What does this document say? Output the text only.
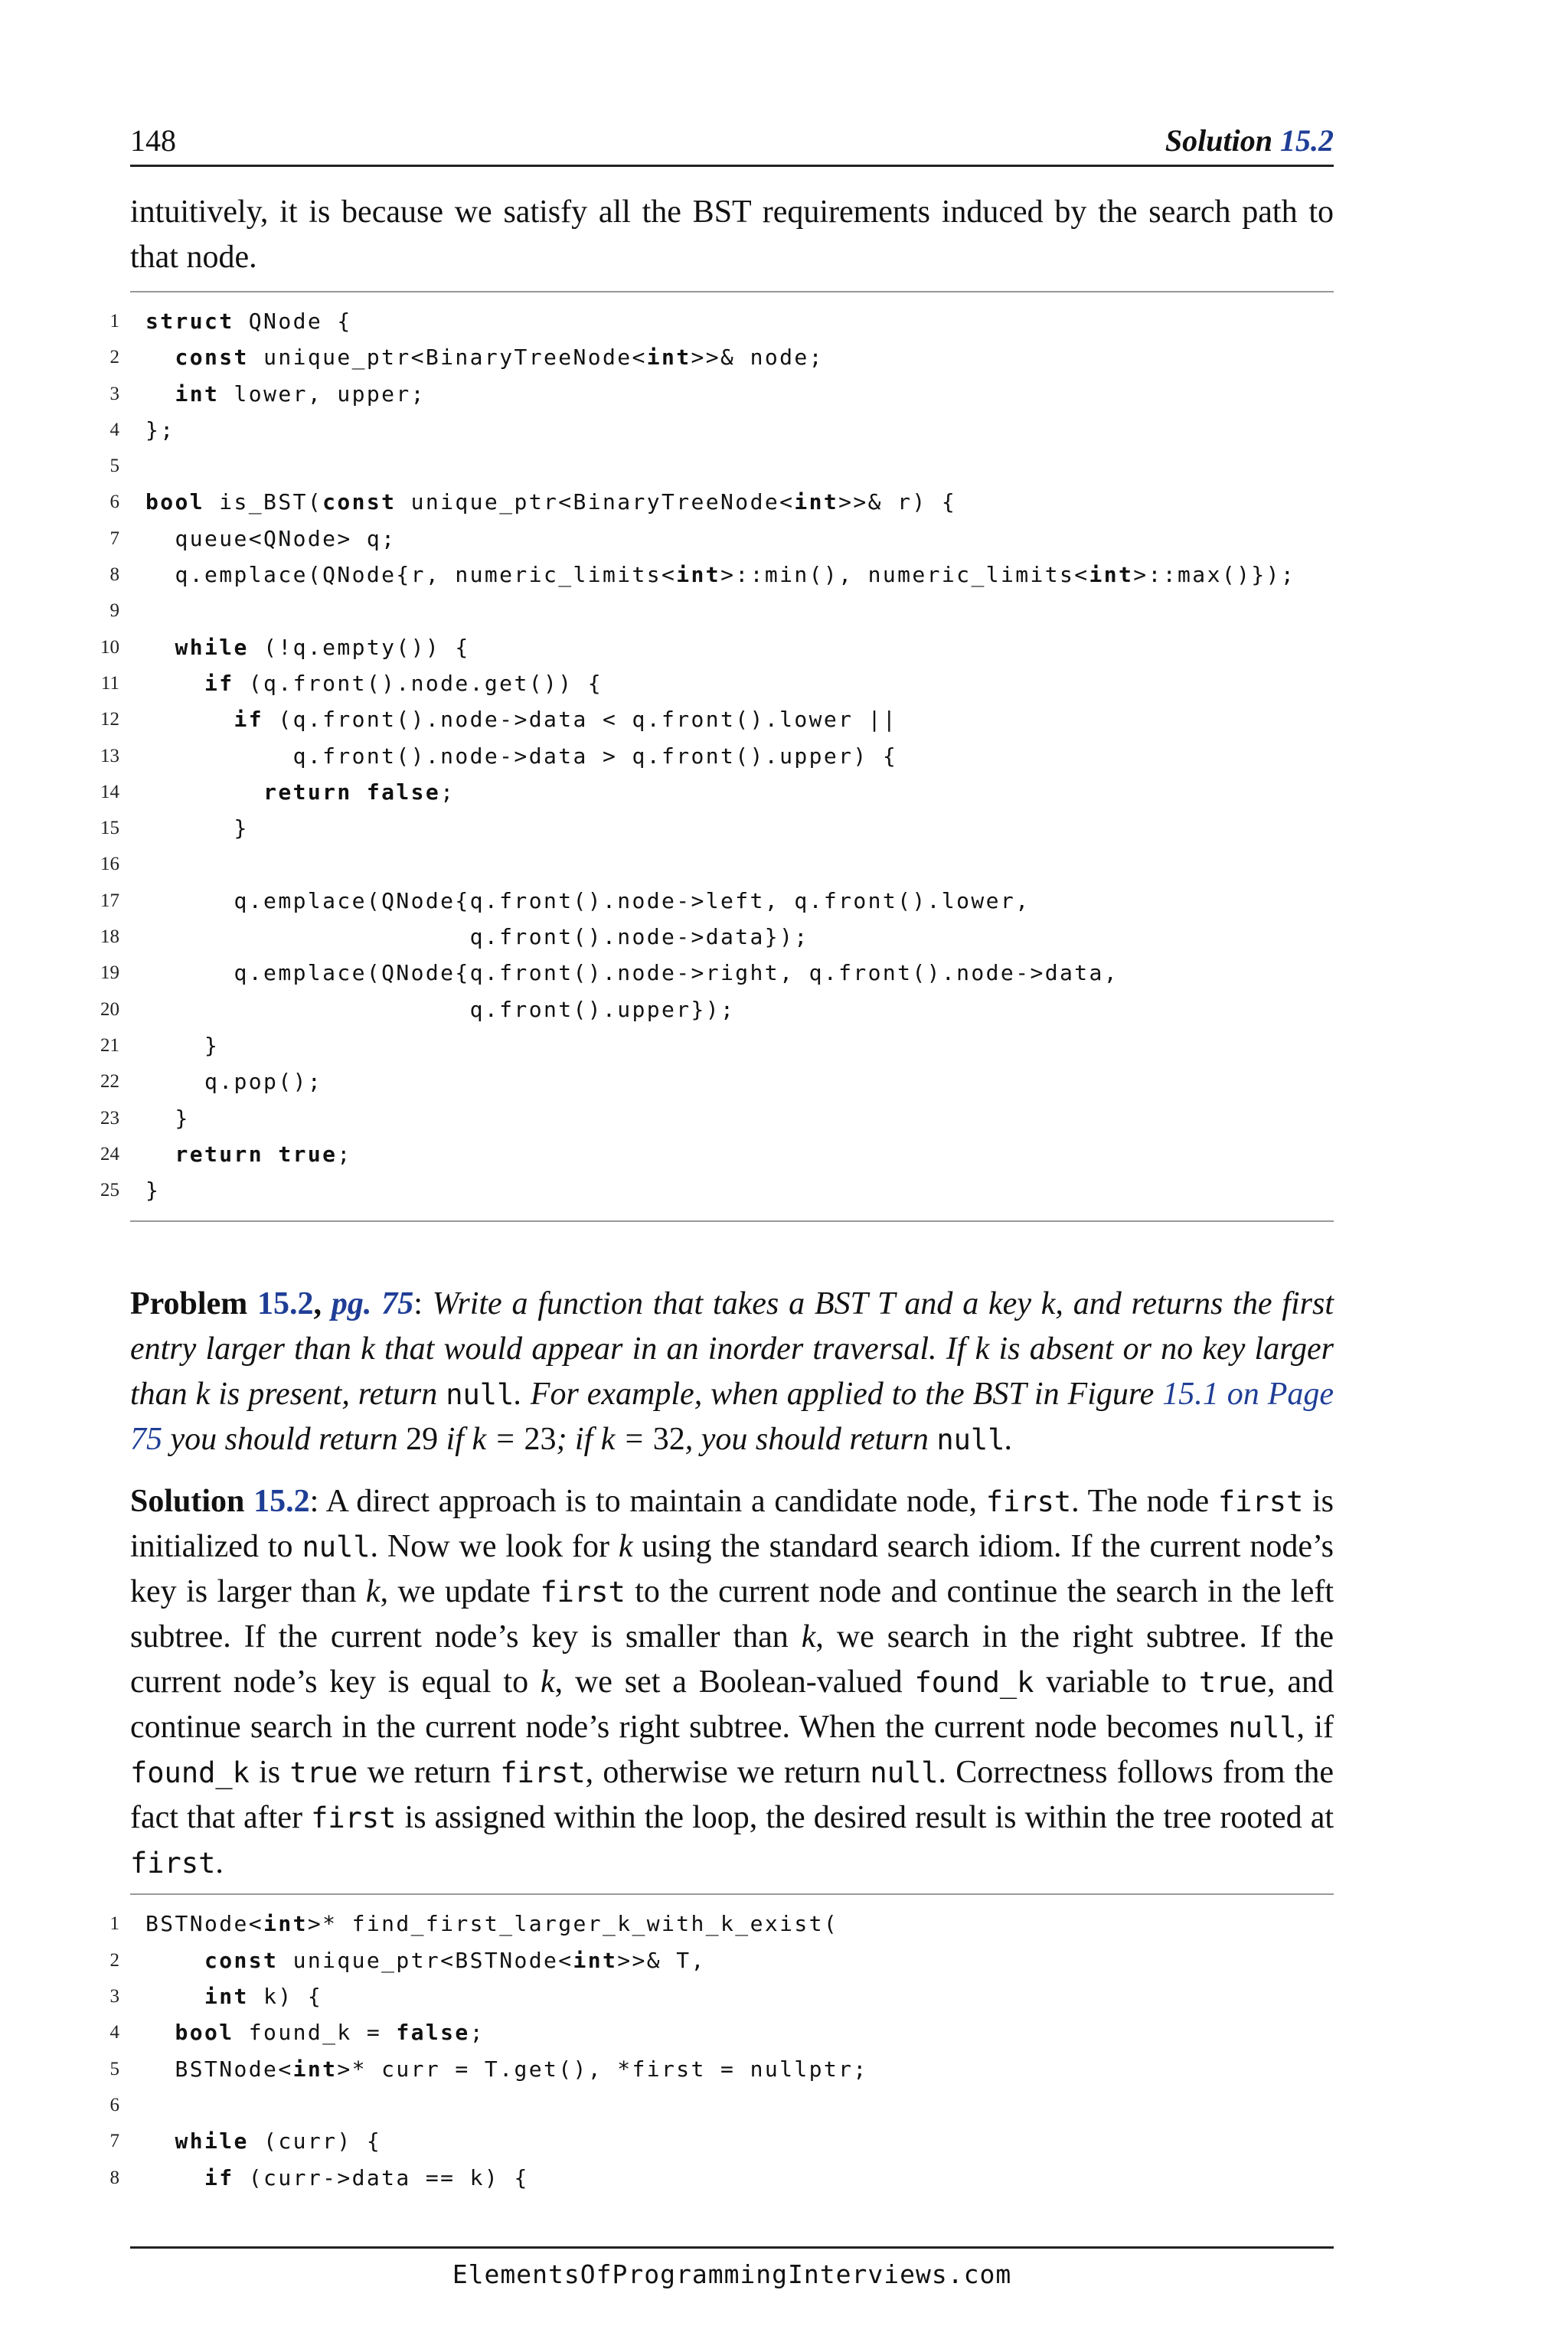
148	Solution 15.2

intuitively, it is because we satisfy all the BST requirements induced by the search path to that node.

1 struct QNode {
2	const unique_ptr<BinaryTreeNode<int>>& node;
3	int lower, upper;
4 };
5
6 bool is_BST(const unique_ptr<BinaryTreeNode<int>>& r) {
7 queue<QNode> q;
8 q.emplace(QNode{r, numeric_limits<int>::min(), numeric_limits<int>::max()});
9
10	while (!q.empty()) {
11	if (q.front().node.get()) {
12	if (q.front().node->data < q.front().lower ||
13 q.front().node->data > q.front().upper) {
14	return false;
15 }
16
17 q.emplace(QNode{q.front().node->left, q.front().lower,
18 q.front().node->data});
19 q.emplace(QNode{q.front().node->right, q.front().node->data,
20 q.front().upper});
21 }
22 q.pop();
23 }
24	return true;
25 }

Problem 15.2, pg. 75: Write a function that takes a BST T and a key k, and returns the first entry larger than k that would appear in an inorder traversal. If k is absent or no key larger than k is present, return null. For example, when applied to the BST in Figure 15.1 on Page 75 you should return 29 if k = 23; if k = 32, you should return null.

Solution 15.2: A direct approach is to maintain a candidate node, first. The node first is initialized to null. Now we look for k using the standard search idiom. If the current node’s key is larger than k, we update first to the current node and continue the search in the left subtree. If the current node’s key is smaller than k, we search in the right subtree. If the current node’s key is equal to k, we set a Boolean-valued found_k variable to true, and continue search in the current node’s right subtree. When the current node becomes null, if found_k is true we return first, otherwise we return null. Correctness follows from the fact that after first is assigned within the loop, the desired result is within the tree rooted at first.

1 BSTNode<int>* find_first_larger_k_with_k_exist(
2	const unique_ptr<BSTNode<int>>& T,
3	int k) {
4	bool found_k = false;
5 BSTNode<int>* curr = T.get(), *first = nullptr;
6
7	while (curr) {
8	if (curr->data == k) {
ElementsOfProgrammingInterviews.com
